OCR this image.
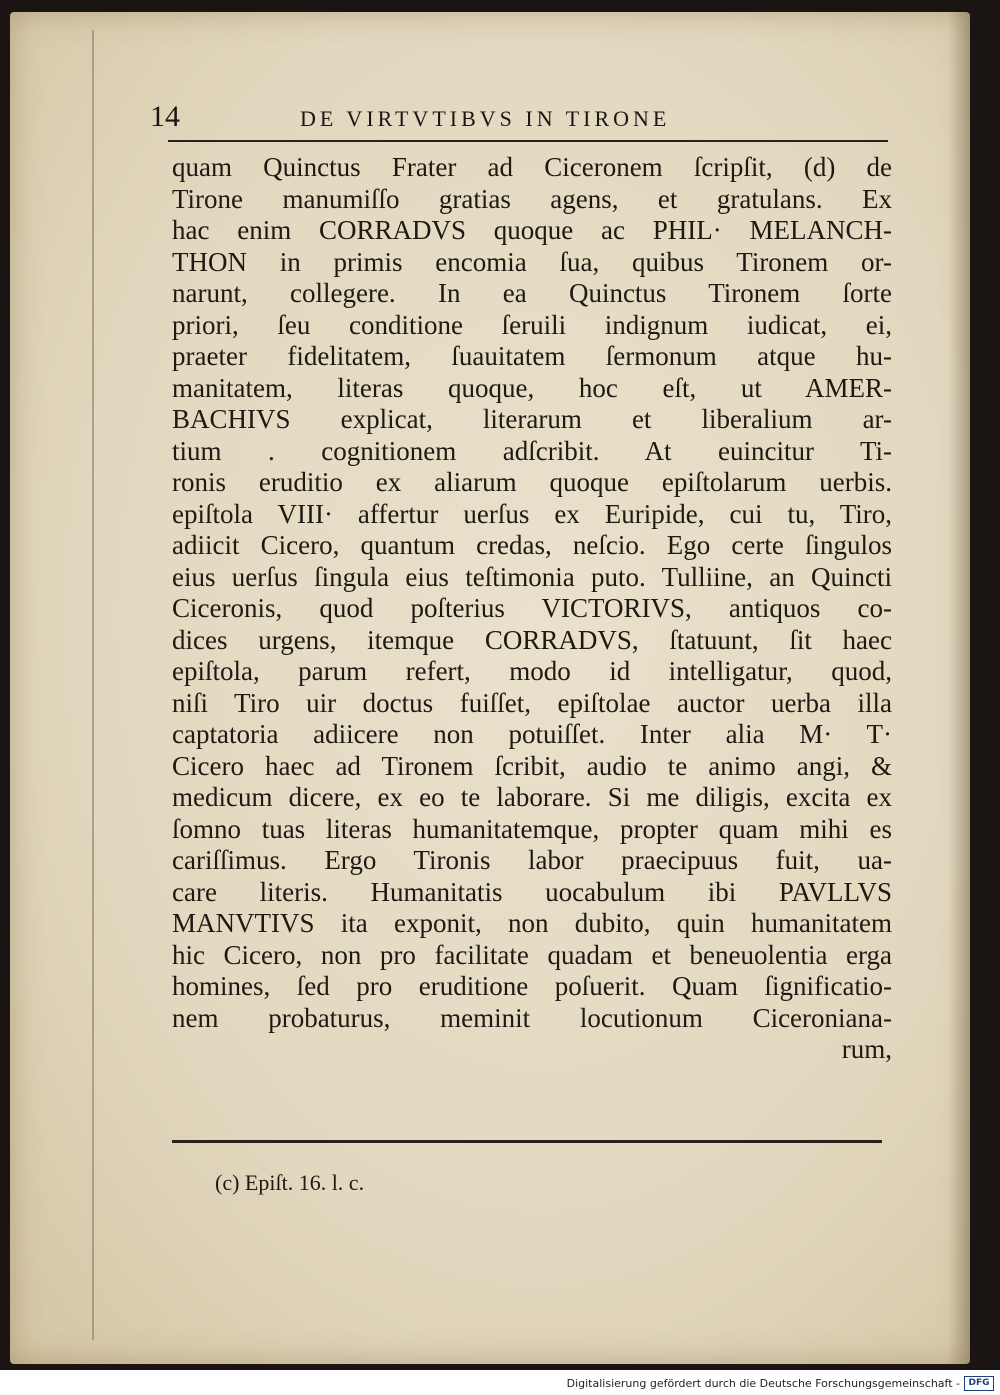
14	DE VIRTVTIBVS IN TIRONE
quam Quinctus Frater ad Ciceronem ſcripſit, (d) de
Tirone manumiſſo gratias agens, et gratulans. Ex
hac enim CORRADVS quoque ac PHIL· MELANCH-
THON in primis encomia ſua, quibus Tironem or-
narunt, collegere. In ea Quinctus Tironem ſorte
priori, ſeu conditione ſeruili indignum iudicat, ei,
praeter fidelitatem, ſuauitatem ſermonum atque hu-
manitatem, literas quoque, hoc eſt, ut AMER-
BACHIVS explicat, literarum et liberalium ar-
tium . cognitionem adſcribit. At euincitur Ti-
ronis eruditio ex aliarum quoque epiſtolarum uerbis.
epiſtola VIII· affertur uerſus ex Euripide, cui tu, Tiro,
adiicit Cicero, quantum credas, neſcio. Ego certe ſingulos
eius uerſus ſingula eius teſtimonia puto. Tulliine, an Quincti
Ciceronis, quod poſterius VICTORIVS, antiquos co-
dices urgens, itemque CORRADVS, ſtatuunt, ſit haec
epiſtola, parum refert, modo id intelligatur, quod,
niſi Tiro uir doctus fuiſſet, epiſtolae auctor uerba illa
captatoria adiicere non potuiſſet. Inter alia M· T·
Cicero haec ad Tironem ſcribit, audio te animo angi, &
medicum dicere, ex eo te laborare. Si me diligis, excita ex
ſomno tuas literas humanitatemque, propter quam mihi es
cariſſimus. Ergo Tironis labor praecipuus fuit, ua-
care literis. Humanitatis uocabulum ibi PAVLLVS
MANVTIVS ita exponit, non dubito, quin humanitatem
hic Cicero, non pro facilitate quadam et beneuolentia erga
homines, ſed pro eruditione poſuerit. Quam ſignificatio-
nem probaturus, meminit locutionum Ciceroniana-
rum,
(c) Epiſt. 16. l. c.
Digitalisierung gefördert durch die Deutsche Forschungsgemeinschaft - DFG
